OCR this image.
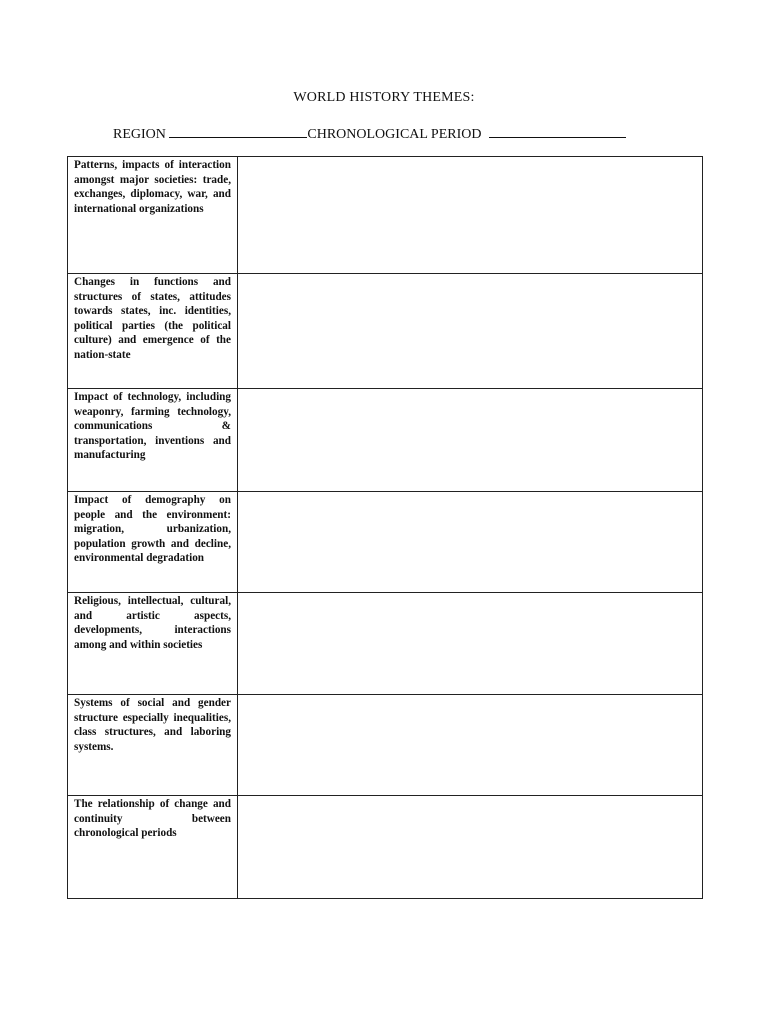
WORLD HISTORY THEMES:
REGION	CHRONOLOGICAL PERIOD
Patterns, impacts of interaction amongst major societies: trade, exchanges, diplomacy, war, and international organizations	

Changes in functions and structures of states, attitudes towards states, inc. identities, political parties (the political culture) and emergence of the nation-state	

Impact of technology, including weaponry, farming technology, communications & transportation, inventions and manufacturing	

Impact of demography on people and the environment: migration, urbanization, population growth and decline, environmental degradation	

Religious, intellectual, cultural, and artistic aspects, developments, interactions among and within societies	

Systems of social and gender structure especially inequalities, class structures, and laboring systems.	

The relationship of change and continuity between chronological periods	
